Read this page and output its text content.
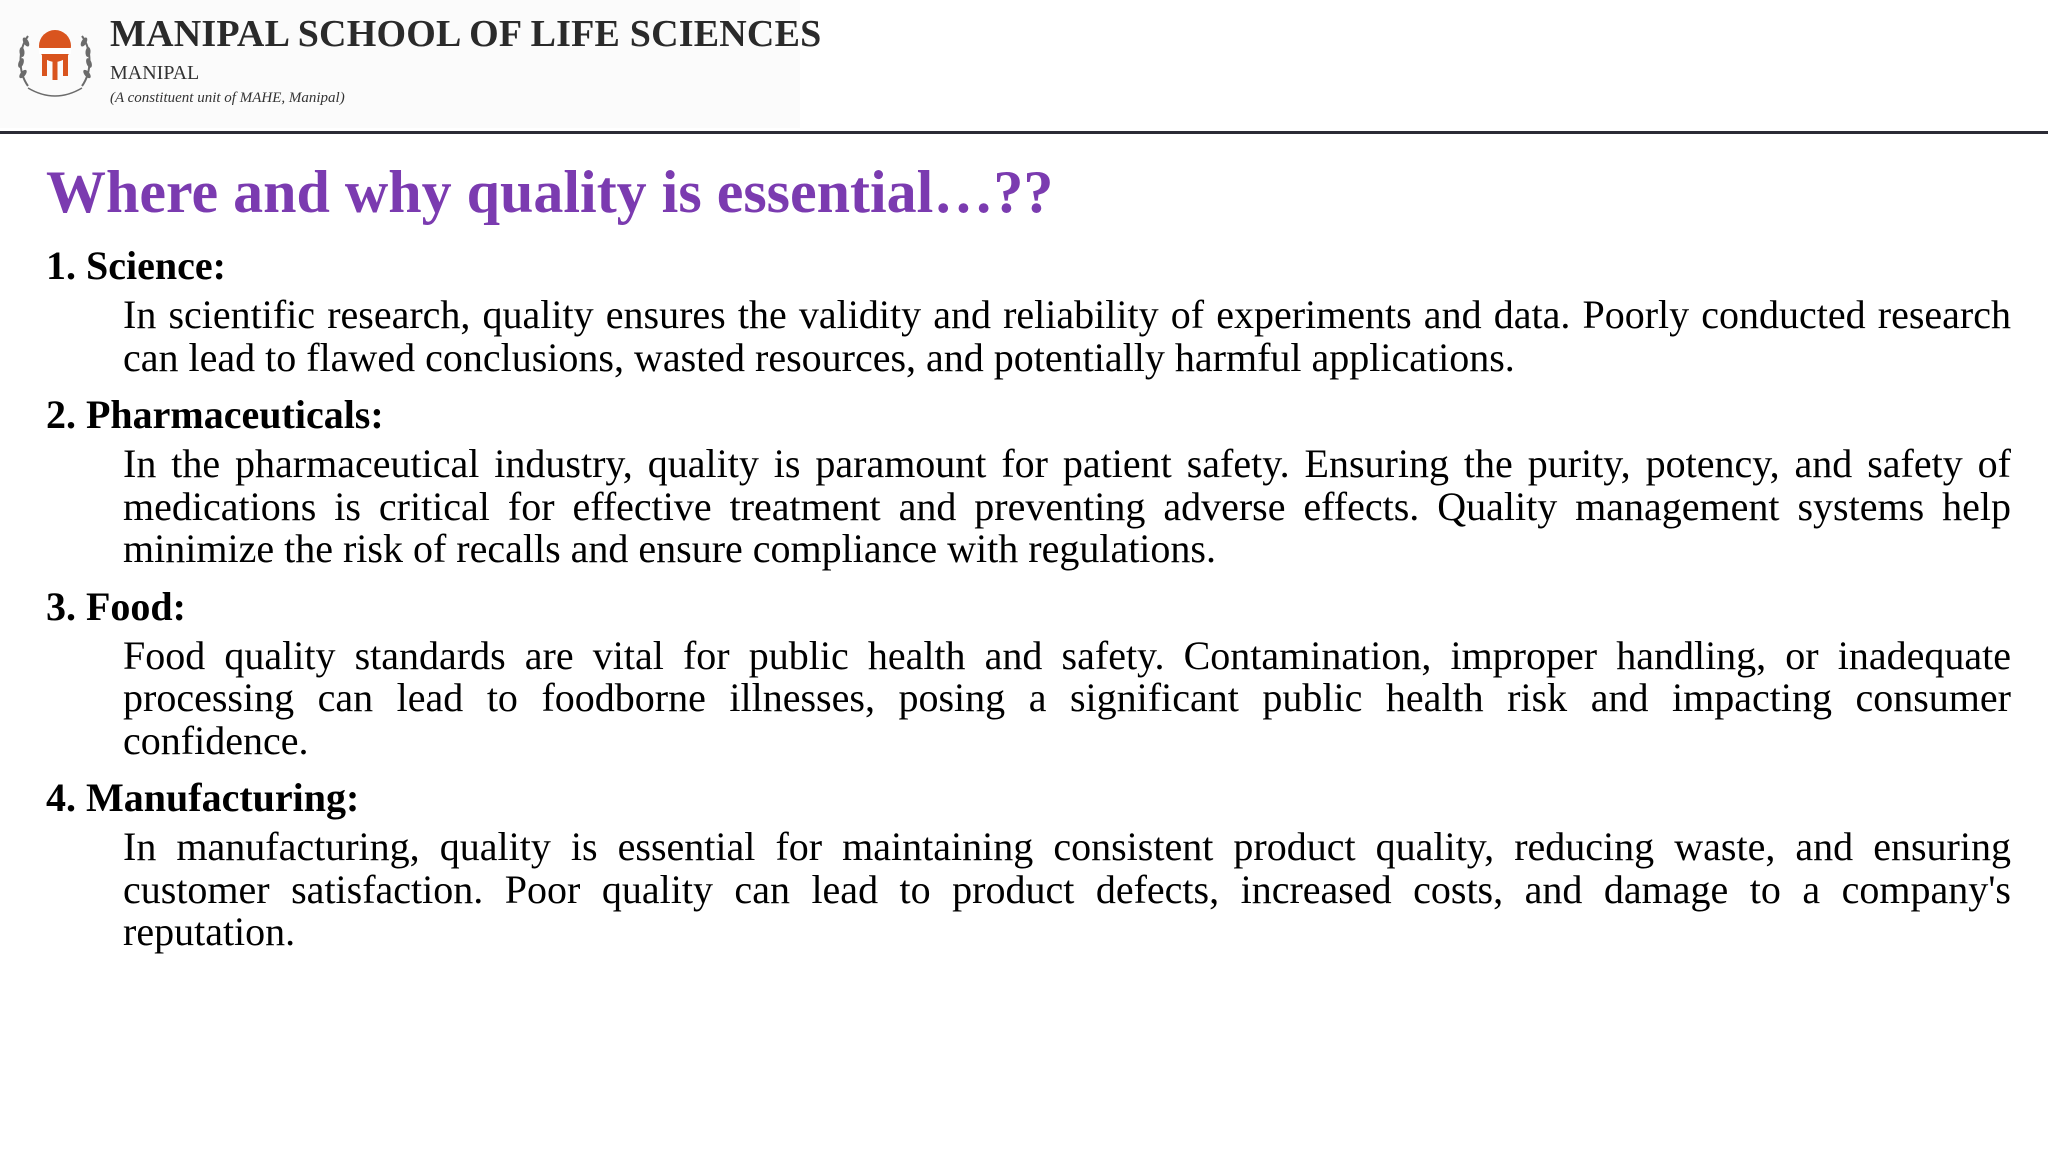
MANIPAL SCHOOL OF LIFE SCIENCES
MANIPAL
(A constituent unit of MAHE, Manipal)
Where and why quality is essential…??

1. Science:

In scientific research, quality ensures the validity and reliability of experiments and data. Poorly conducted research can lead to flawed conclusions, wasted resources, and potentially harmful applications.

2. Pharmaceuticals:

In the pharmaceutical industry, quality is paramount for patient safety. Ensuring the purity, potency, and safety of medications is critical for effective treatment and preventing adverse effects. Quality management systems help minimize the risk of recalls and ensure compliance with regulations.

3. Food:

Food quality standards are vital for public health and safety. Contamination, improper handling, or inadequate processing can lead to foodborne illnesses, posing a significant public health risk and impacting consumer confidence.

4. Manufacturing:

In manufacturing, quality is essential for maintaining consistent product quality, reducing waste, and ensuring customer satisfaction. Poor quality can lead to product defects, increased costs, and damage to a company's reputation.
